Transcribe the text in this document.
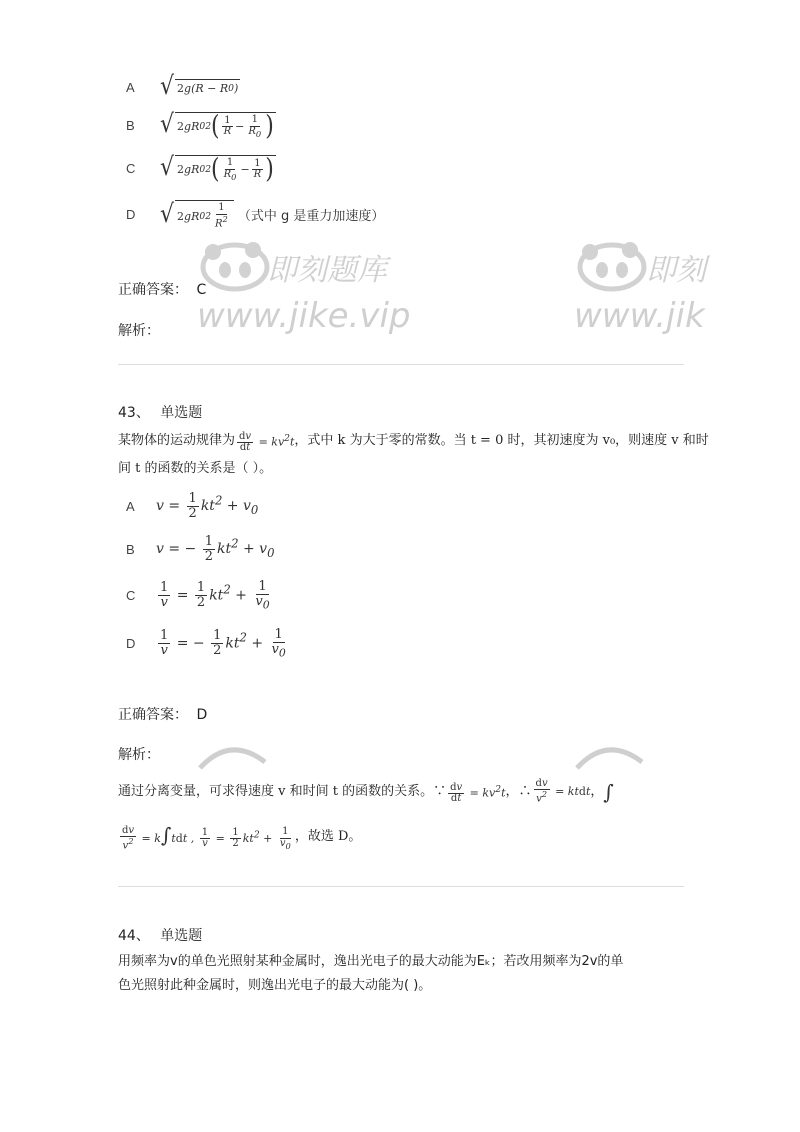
即刻题库
www.jike.vip
即刻
www.jik
A	√ 2 g(R − R 0 )
B	√ 2 gR 0 2 ( $\frac{1}{R} - \frac{1}{R_0}$ )
C	√ 2 gR 0 2 ( $\frac{1}{R_0} - \frac{1}{R}$ )
D	√ 2 gR 0 $2 \frac{1}{R^2}$ （式中 g 是重力加速度）
正确答案： C
解析：
43、 单选题
某物体的运动规律为 $\frac{dv}{dt} = kv^2t$ ，式中 k 为大于零的常数。当 t = 0 时，其初速度为 v₀，则速度 v 和时
间 t 的函数的关系是（ ）。
A	$v = \frac{1}{2} kt^2 + v_0$
B	v = − $\frac{1}{2} kt^2 + v_0$
C	$\frac{1}{v} = \frac{1}{2} kt^2 + \frac{1}{v_0}$
D	$\frac{1}{v}$ = − $\frac{1}{2} kt^2 + \frac{1}{v_0}$
正确答案： D
解析：
通过分离变量，可求得速度 v 和时间 t 的函数的关系。∵ $\frac{dv}{dt} = kv^2t$ ，∴ $\frac{dv}{v^2}$ = ktdt ， ∫
$\frac{dv}{v^2} = k\int tdt$ , $\frac{1}{v} = \frac{1}{2} kt^2 + \frac{1}{v_0}$ ，故选 D。
44、 单选题
用频率为v的单色光照射某种金属时，逸出光电子的最大动能为Eₖ；若改用频率为2v的单
色光照射此种金属时，则逸出光电子的最大动能为( )。
